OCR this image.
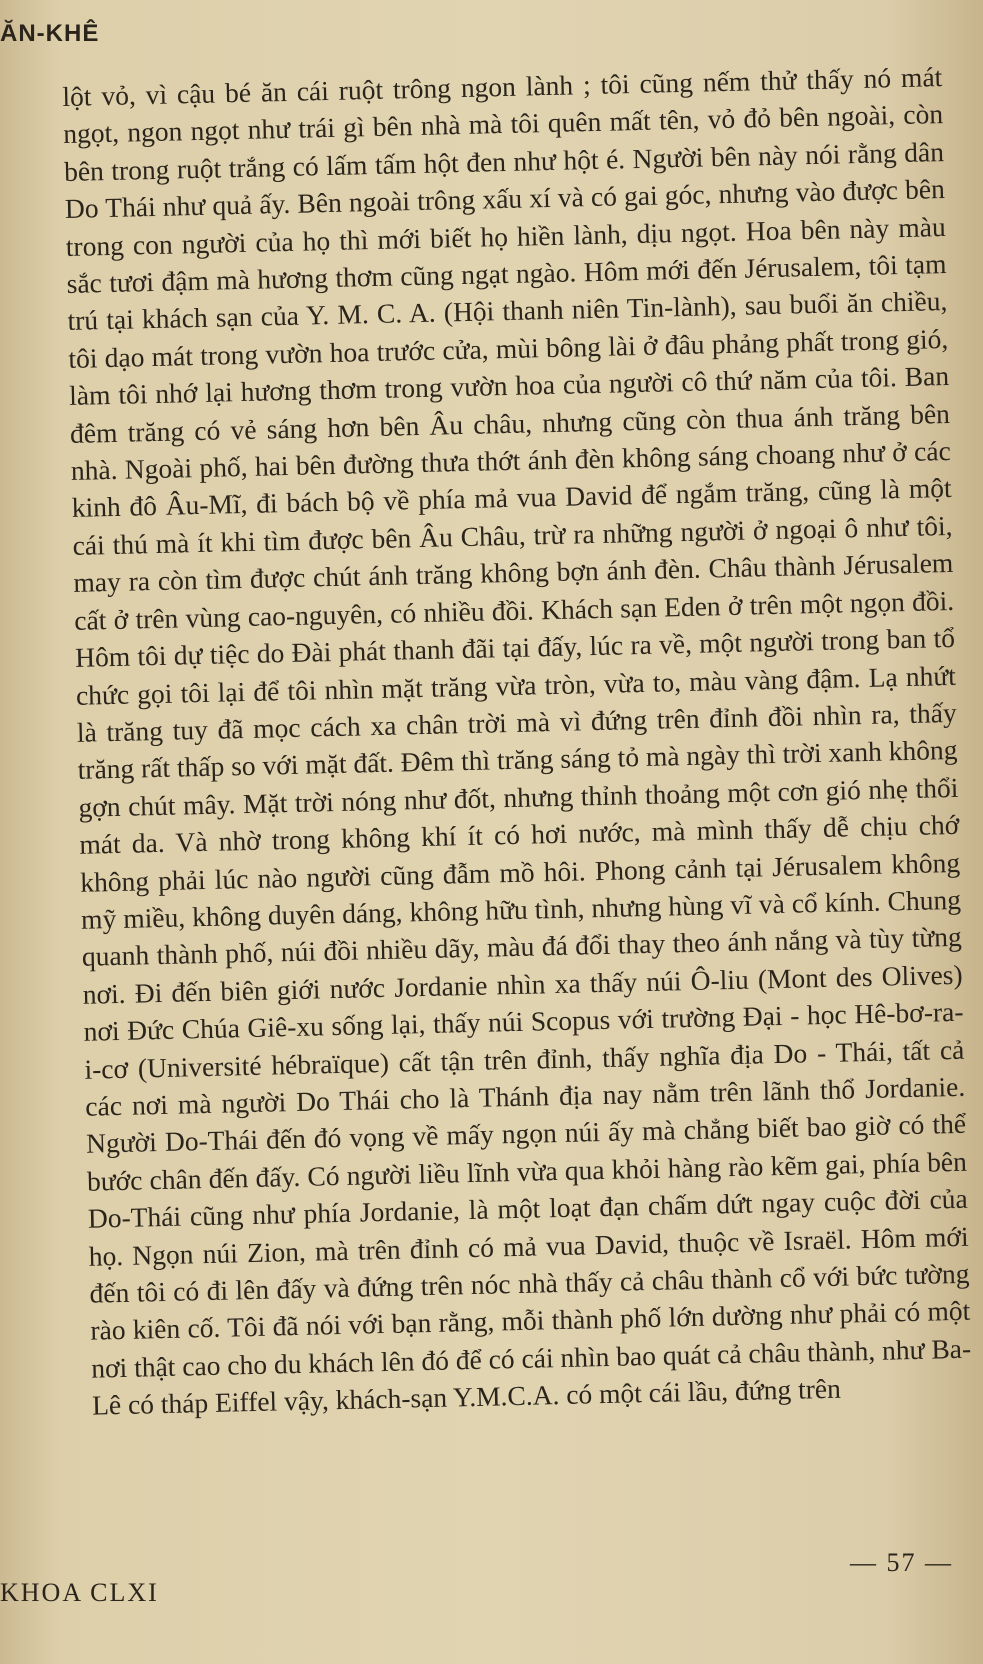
ĂN-KHÊ

lột vỏ, vì cậu bé ăn cái ruột trông ngon lành ; tôi cũng nếm thử thấy nó mát ngọt, ngon ngọt như trái gì bên nhà mà tôi quên mất tên, vỏ đỏ bên ngoài, còn bên trong ruột trắng có lấm tấm hột đen như hột é. Người bên này nói rằng dân Do Thái như quả ấy. Bên ngoài trông xấu xí và có gai góc, nhưng vào được bên trong con người của họ thì mới biết họ hiền lành, dịu ngọt. Hoa bên này màu sắc tươi đậm mà hương thơm cũng ngạt ngào. Hôm mới đến Jérusalem, tôi tạm trú tại khách sạn của Y. M. C. A. (Hội thanh niên Tin-lành), sau buổi ăn chiều, tôi dạo mát trong vườn hoa trước cửa, mùi bông lài ở đâu phảng phất trong gió, làm tôi nhớ lại hương thơm trong vườn hoa của người cô thứ năm của tôi. Ban đêm trăng có vẻ sáng hơn bên Âu châu, nhưng cũng còn thua ánh trăng bên nhà. Ngoài phố, hai bên đường thưa thớt ánh đèn không sáng choang như ở các kinh đô Âu-Mĩ, đi bách bộ về phía mả vua David để ngắm trăng, cũng là một cái thú mà ít khi tìm được bên Âu Châu, trừ ra những người ở ngoại ô như tôi, may ra còn tìm được chút ánh trăng không bợn ánh đèn. Châu thành Jérusalem cất ở trên vùng cao-nguyên, có nhiều đồi. Khách sạn Eden ở trên một ngọn đồi. Hôm tôi dự tiệc do Đài phát thanh đãi tại đấy, lúc ra về, một người trong ban tổ chức gọi tôi lại để tôi nhìn mặt trăng vừa tròn, vừa to, màu vàng đậm. Lạ nhứt là trăng tuy đã mọc cách xa chân trời mà vì đứng trên đỉnh đồi nhìn ra, thấy trăng rất thấp so với mặt đất. Đêm thì trăng sáng tỏ mà ngày thì trời xanh không gợn chút mây. Mặt trời nóng như đốt, nhưng thỉnh thoảng một cơn gió nhẹ thổi mát da. Và nhờ trong không khí ít có hơi nước, mà mình thấy dễ chịu chớ không phải lúc nào người cũng đẫm mồ hôi. Phong cảnh tại Jérusalem không mỹ miều, không duyên dáng, không hữu tình, nhưng hùng vĩ và cổ kính. Chung quanh thành phố, núi đồi nhiều dãy, màu đá đổi thay theo ánh nắng và tùy từng nơi. Đi đến biên giới nước Jordanie nhìn xa thấy núi Ô-liu (Mont des Olives) nơi Đức Chúa Giê-xu sống lại, thấy núi Scopus với trường Đại - học Hê-bơ-ra-i-cơ (Université hébraïque) cất tận trên đỉnh, thấy nghĩa địa Do - Thái, tất cả các nơi mà người Do Thái cho là Thánh địa nay nằm trên lãnh thổ Jordanie. Người Do-Thái đến đó vọng về mấy ngọn núi ấy mà chẳng biết bao giờ có thể bước chân đến đấy. Có người liều lĩnh vừa qua khỏi hàng rào kẽm gai, phía bên Do-Thái cũng như phía Jordanie, là một loạt đạn chấm dứt ngay cuộc đời của họ. Ngọn núi Zion, mà trên đỉnh có mả vua David, thuộc về Israël. Hôm mới đến tôi có đi lên đấy và đứng trên nóc nhà thấy cả châu thành cổ với bức tường rào kiên cố. Tôi đã nói với bạn rằng, mỗi thành phố lớn dường như phải có một nơi thật cao cho du khách lên đó để có cái nhìn bao quát cả châu thành, như Ba-Lê có tháp Eiffel vậy, khách-sạn Y.M.C.A. có một cái lầu, đứng trên

— 57 —
KHOA CLXI
